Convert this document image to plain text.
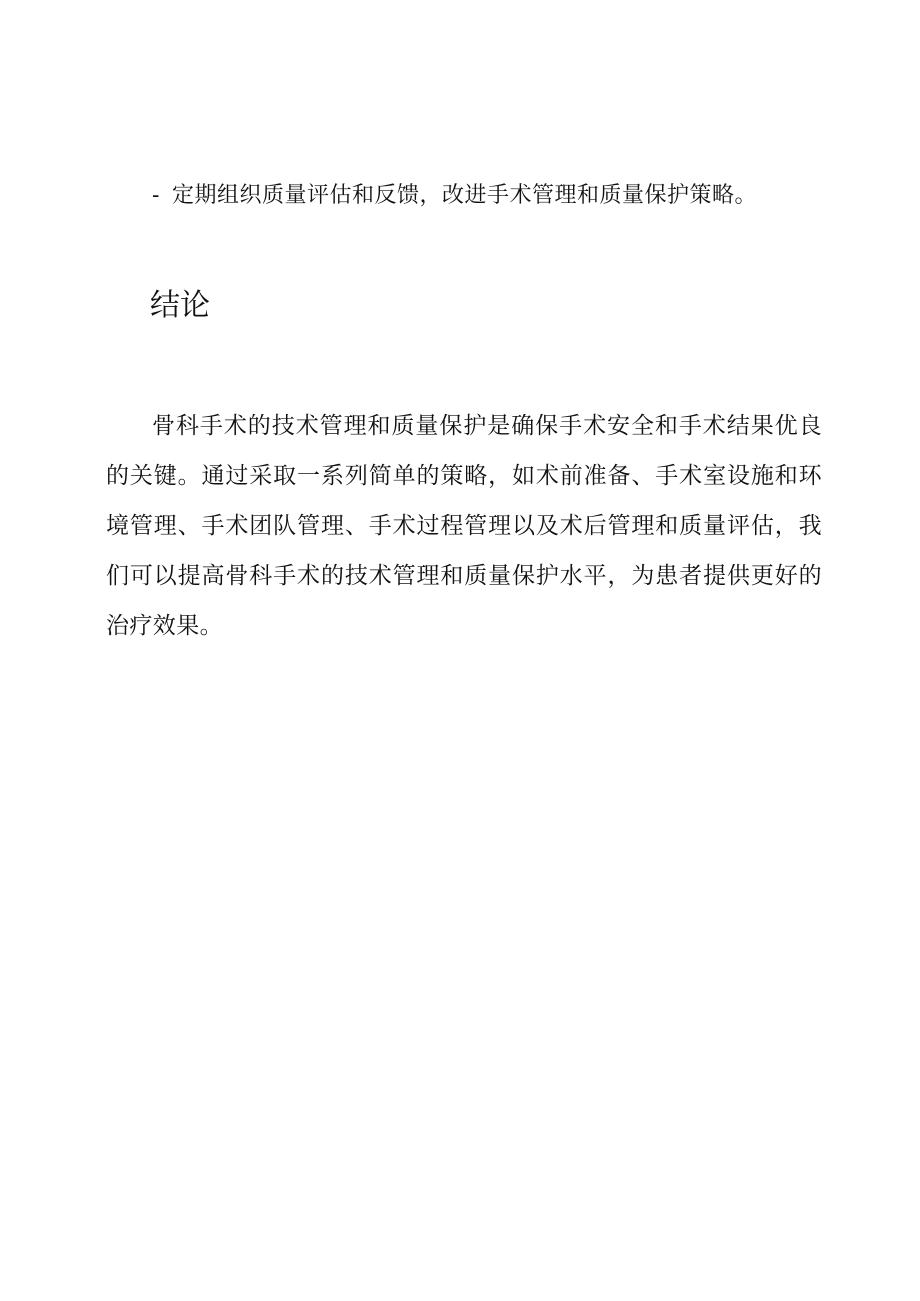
- 定期组织质量评估和反馈，改进手术管理和质量保护策略。
结论

骨科手术的技术管理和质量保护是确保手术安全和手术结果优良的关键。通过采取一系列简单的策略，如术前准备、手术室设施和环境管理、手术团队管理、手术过程管理以及术后管理和质量评估，我们可以提高骨科手术的技术管理和质量保护水平，为患者提供更好的治疗效果。
